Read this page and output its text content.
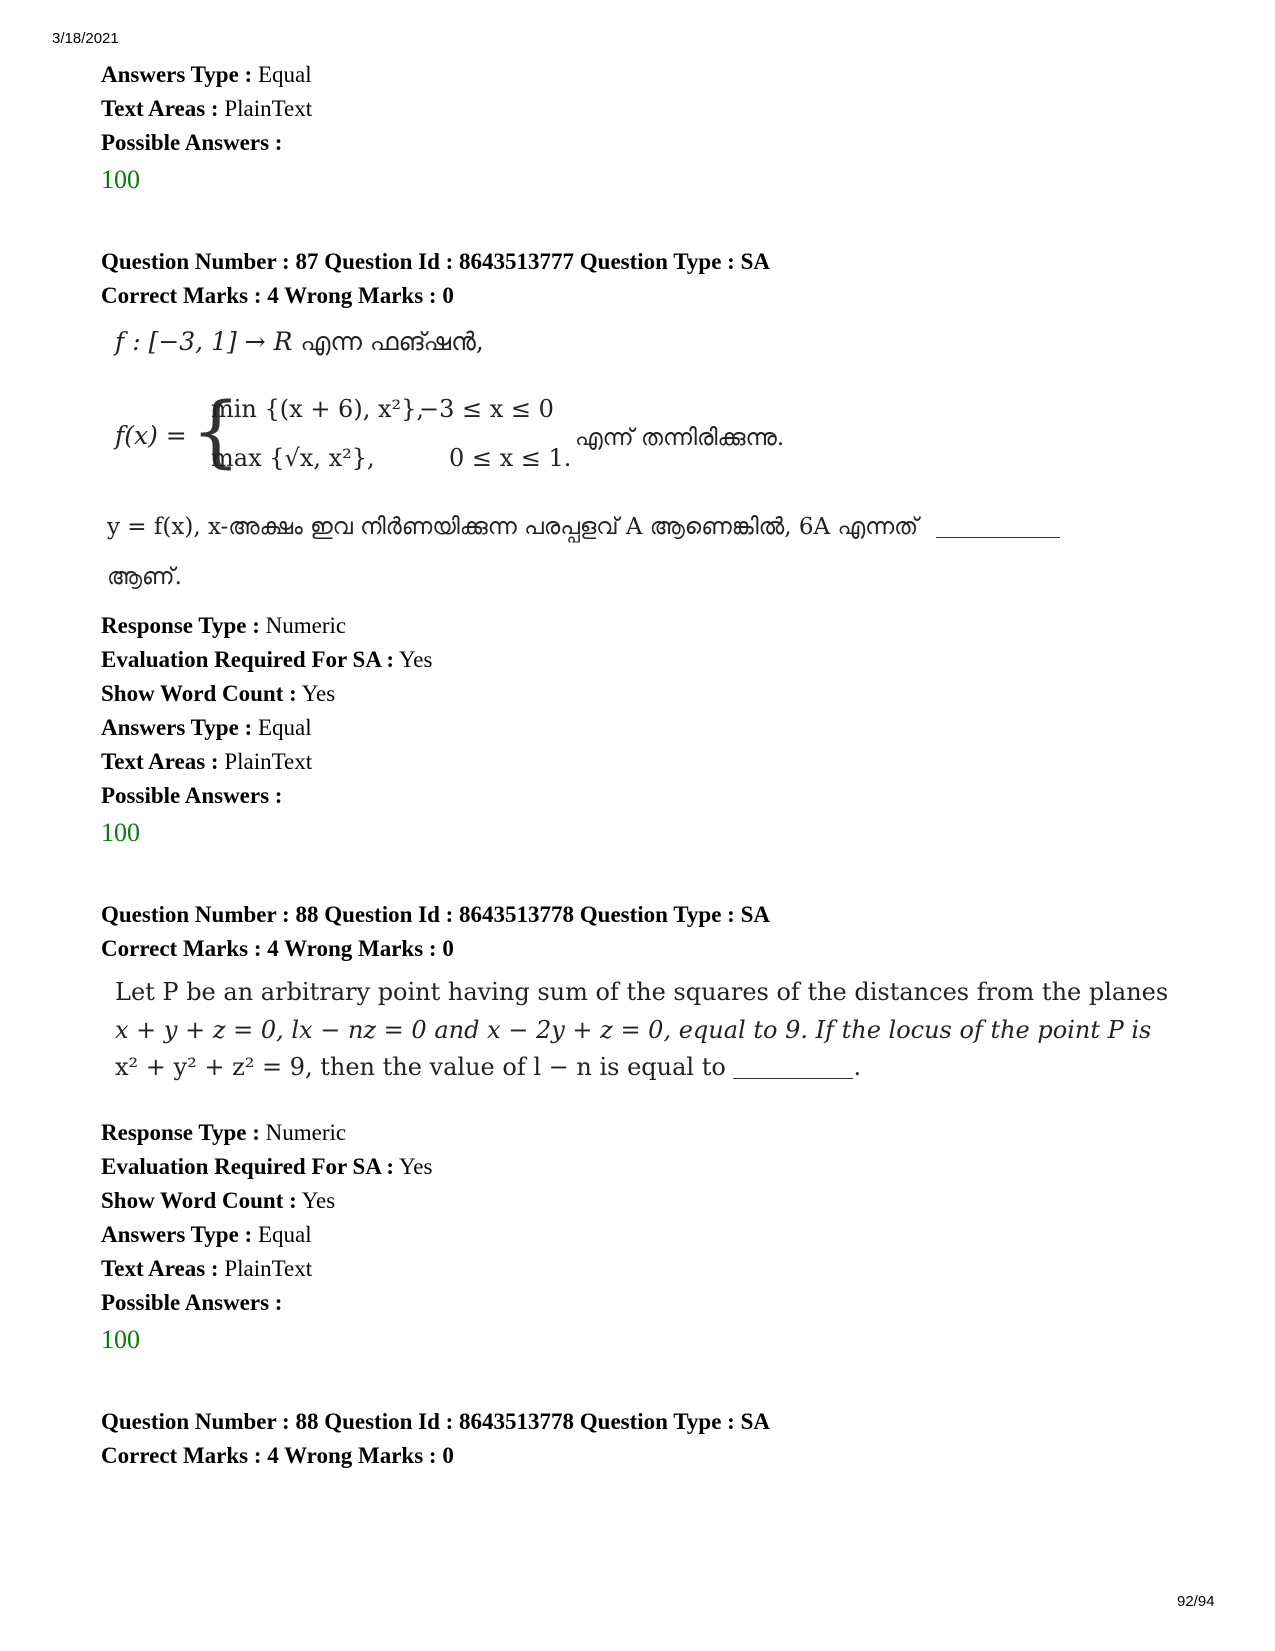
3/18/2021
Answers Type : Equal
Text Areas : PlainText
Possible Answers :
100
Question Number : 87 Question Id : 8643513777 Question Type : SA
Correct Marks : 4 Wrong Marks : 0
f : [−3, 1] → R എന്ന ഫങ്ഷൻ,
f(x) = {
min {(x + 6), x²},
−3 ≤ x ≤ 0
max {√x, x²},	0 ≤ x ≤ 1.
എന്ന് തന്നിരിക്കുന്നു.
y = f(x), x-അക്ഷം ഇവ നിർണയിക്കുന്ന പരപ്പളവ് A ആണെങ്കിൽ, 6A എന്നത്
ആണ്.
Response Type : Numeric
Evaluation Required For SA : Yes
Show Word Count : Yes
Answers Type : Equal
Text Areas : PlainText
Possible Answers :
100
Question Number : 88 Question Id : 8643513778 Question Type : SA
Correct Marks : 4 Wrong Marks : 0
Let P be an arbitrary point having sum of the squares of the distances from the planes
x + y + z = 0, lx − nz = 0 and x − 2y + z = 0, equal to 9. If the locus of the point P is
x² + y² + z² = 9, then the value of l − n is equal to	.
Response Type : Numeric
Evaluation Required For SA : Yes
Show Word Count : Yes
Answers Type : Equal
Text Areas : PlainText
Possible Answers :
100
Question Number : 88 Question Id : 8643513778 Question Type : SA
Correct Marks : 4 Wrong Marks : 0
92/94
